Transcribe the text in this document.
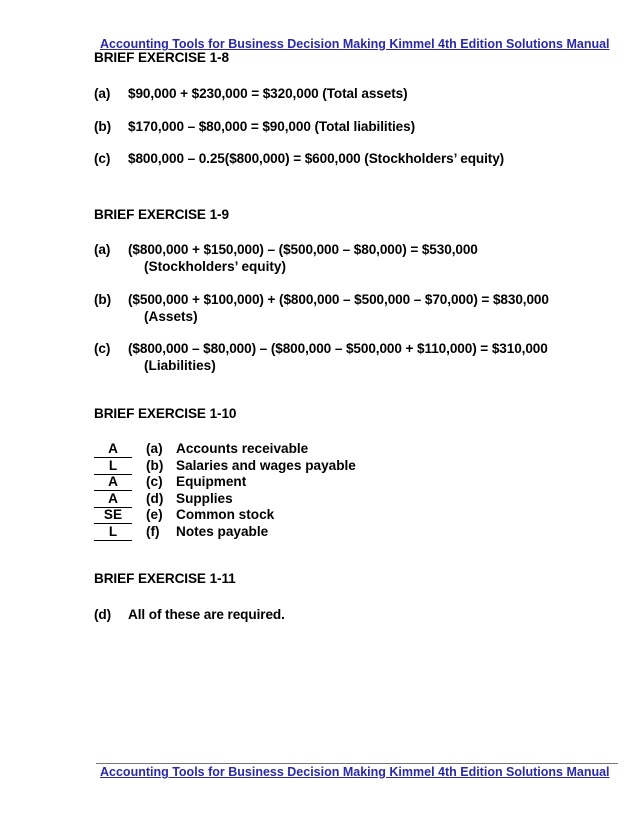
Accounting Tools for Business Decision Making Kimmel 4th Edition Solutions Manual
BRIEF EXERCISE 1-8
(a) $90,000 + $230,000 = $320,000 (Total assets)
(b) $170,000 – $80,000 = $90,000 (Total liabilities)
(c) $800,000 – 0.25($800,000) = $600,000 (Stockholders’ equity)
BRIEF EXERCISE 1-9
(a) ($800,000 + $150,000) – ($500,000 – $80,000) = $530,000
(Stockholders’ equity)
(b) ($500,000 + $100,000) + ($800,000 – $500,000 – $70,000) = $830,000
(Assets)
(c) ($800,000 – $80,000) – ($800,000 – $500,000 + $110,000) = $310,000
(Liabilities)
BRIEF EXERCISE 1-10
A	(a) Accounts receivable
L	(b) Salaries and wages payable
A	(c) Equipment
A	(d) Supplies
SE	(e) Common stock
L	(f) Notes payable
BRIEF EXERCISE 1-11
(d) All of these are required.
Accounting Tools for Business Decision Making Kimmel 4th Edition Solutions Manual
